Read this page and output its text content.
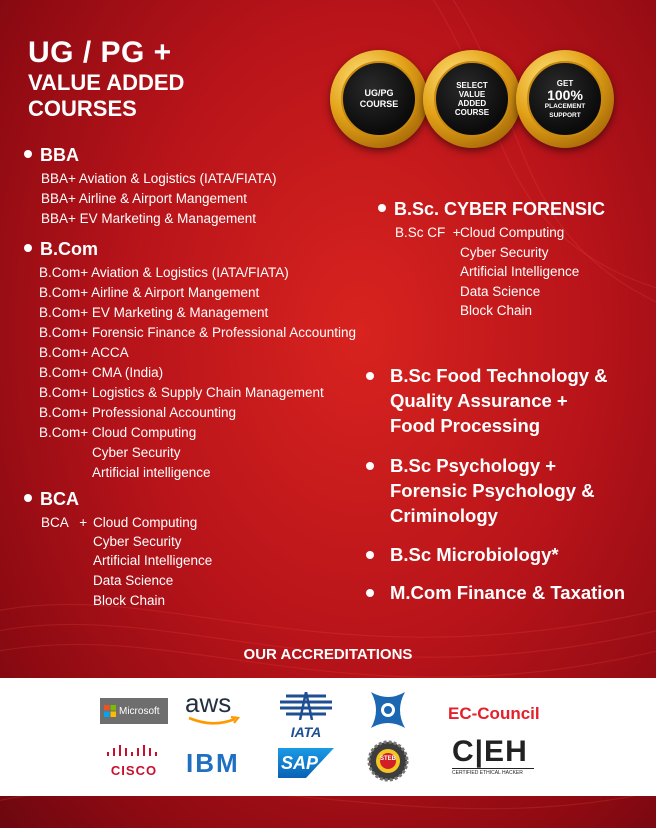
UG / PG +
VALUE ADDED
COURSES
UG/PG
COURSE
SELECT
VALUE
ADDED
COURSE
GET
100%
PLACEMENT
SUPPORT
BBA
BBA+ Aviation & Logistics (IATA/FIATA)
BBA+ Airline & Airport Mangement
BBA+ EV Marketing & Management
B.Com
B.Com+ Aviation & Logistics (IATA/FIATA)
B.Com+ Airline & Airport Mangement
B.Com+ EV Marketing & Management
B.Com+ Forensic Finance & Professional Accounting
B.Com+ ACCA
B.Com+ CMA (India)
B.Com+ Logistics & Supply Chain Management
B.Com+ Professional Accounting
B.Com+ Cloud Computing
Cyber Security
Artificial intelligence
BCA
BCA   + Cloud Computing
Cyber Security
Artificial Intelligence
Data Science
Block Chain
B.Sc. CYBER FORENSIC
B.Sc CF  + Cloud Computing
Cyber Security
Artificial Intelligence
Data Science
Block Chain
B.Sc Food Technology &
Quality Assurance +
Food Processing
B.Sc Psychology +
Forensic Psychology &
Criminology
B.Sc Microbiology*
M.Com Finance & Taxation
OUR ACCREDITATIONS
Microsoft aws
IATA
EC-Council
CISCO IBM SAP	STEB	C|EH
CERTIFIED ETHICAL HACKER
